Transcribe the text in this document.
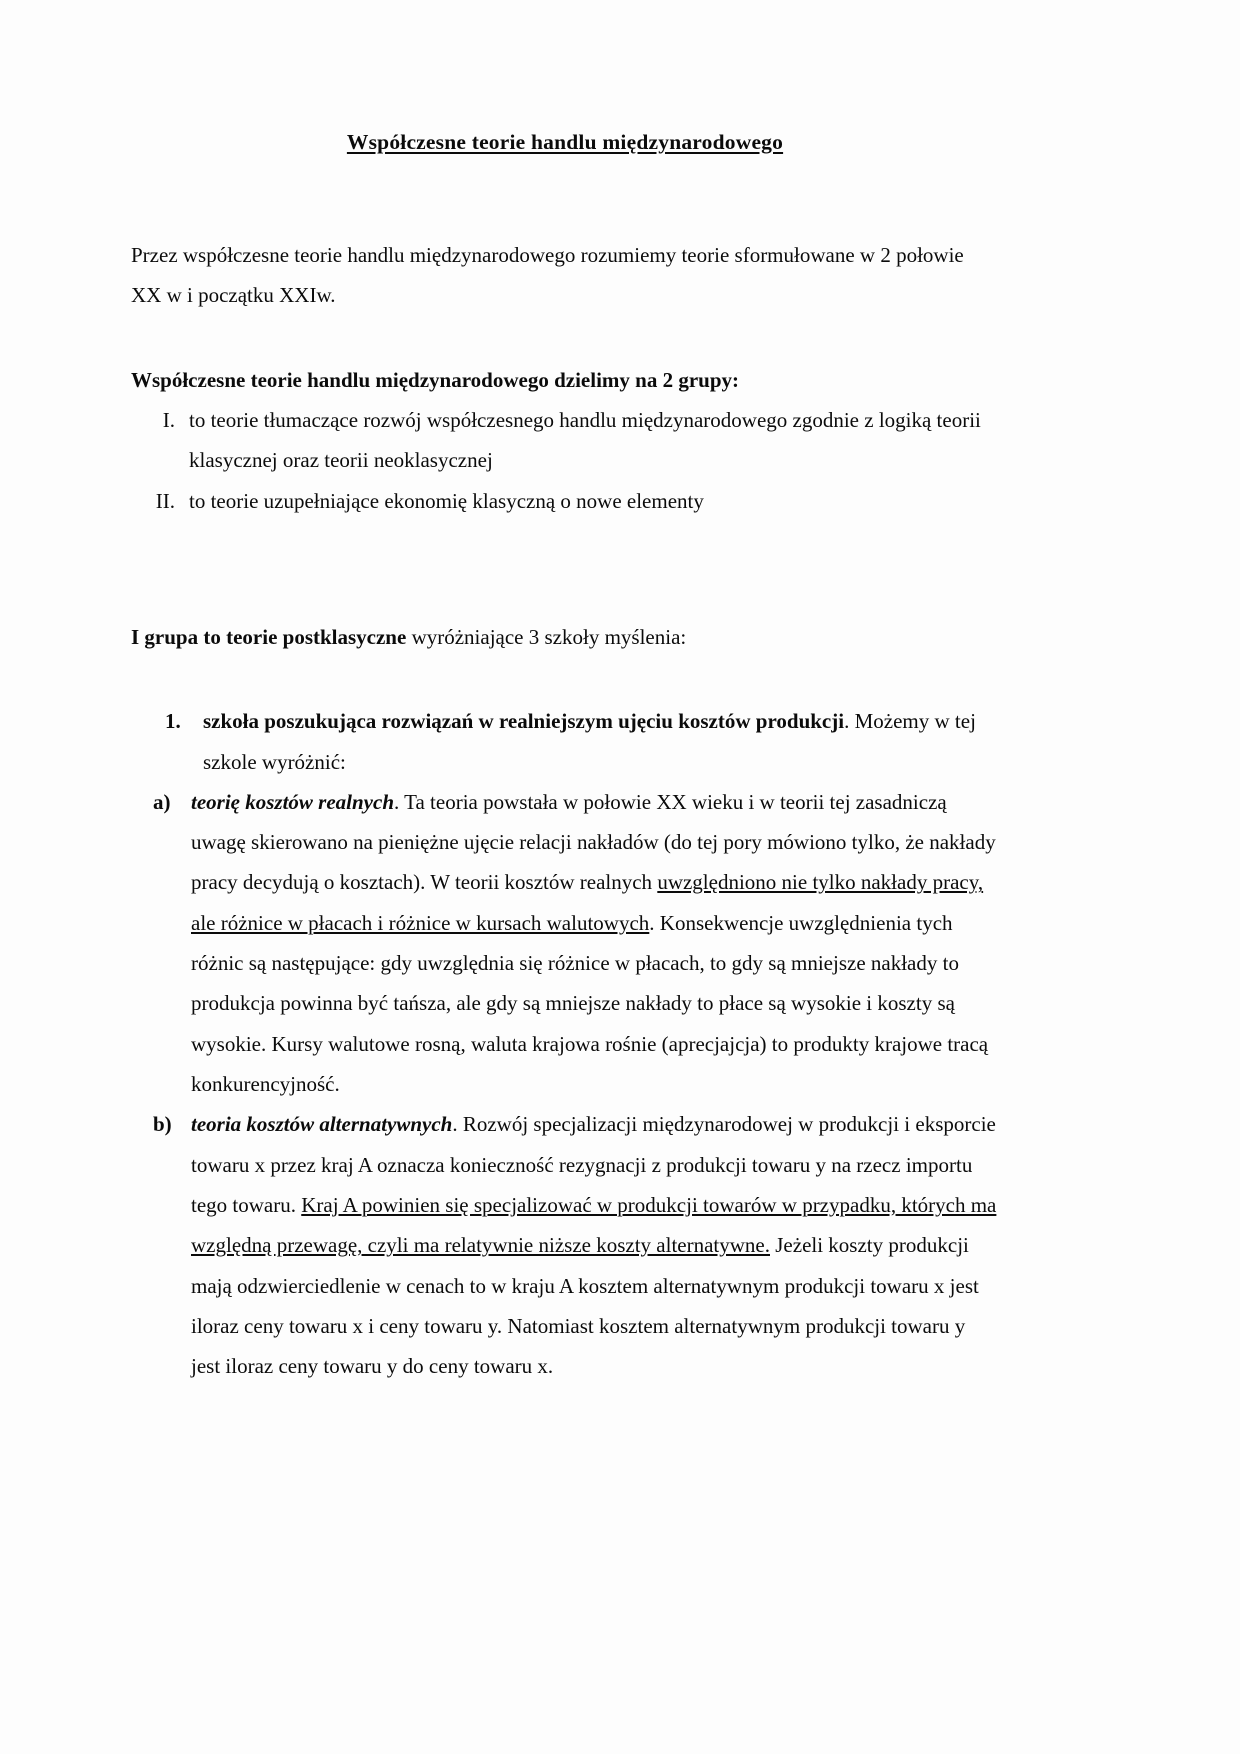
Współczesne teorie handlu międzynarodowego

Przez współczesne teorie handlu międzynarodowego rozumiemy teorie sformułowane w 2 połowie XX w i początku XXIw.

Współczesne teorie handlu międzynarodowego dzielimy na 2 grupy:

I. to teorie tłumaczące rozwój współczesnego handlu międzynarodowego zgodnie z logiką teorii klasycznej oraz teorii neoklasycznej
II. to teorie uzupełniające ekonomię klasyczną o nowe elementy

I grupa to teorie postklasyczne wyróżniające 3 szkoły myślenia:

1.	szkoła poszukująca rozwiązań w realniejszym ujęciu kosztów produkcji. Możemy w tej szkole wyróżnić:
a) teorię kosztów realnych. Ta teoria powstała w połowie XX wieku i w teorii tej zasadniczą uwagę skierowano na pieniężne ujęcie relacji nakładów (do tej pory mówiono tylko, że nakłady pracy decydują o kosztach). W teorii kosztów realnych uwzględniono nie tylko nakłady pracy, ale różnice w płacach i różnice w kursach walutowych. Konsekwencje uwzględnienia tych różnic są następujące: gdy uwzględnia się różnice w płacach, to gdy są mniejsze nakłady to produkcja powinna być tańsza, ale gdy są mniejsze nakłady to płace są wysokie i koszty są wysokie. Kursy walutowe rosną, waluta krajowa rośnie (aprecjajcja) to produkty krajowe tracą konkurencyjność.
b) teoria kosztów alternatywnych. Rozwój specjalizacji międzynarodowej w produkcji i eksporcie towaru x przez kraj A oznacza konieczność rezygnacji z produkcji towaru y na rzecz importu tego towaru. Kraj A powinien się specjalizować w produkcji towarów w przypadku, których ma względną przewagę, czyli ma relatywnie niższe koszty alternatywne. Jeżeli koszty produkcji mają odzwierciedlenie w cenach to w kraju A kosztem alternatywnym produkcji towaru x jest iloraz ceny towaru x i ceny towaru y. Natomiast kosztem alternatywnym produkcji towaru y jest iloraz ceny towaru y do ceny towaru x.
